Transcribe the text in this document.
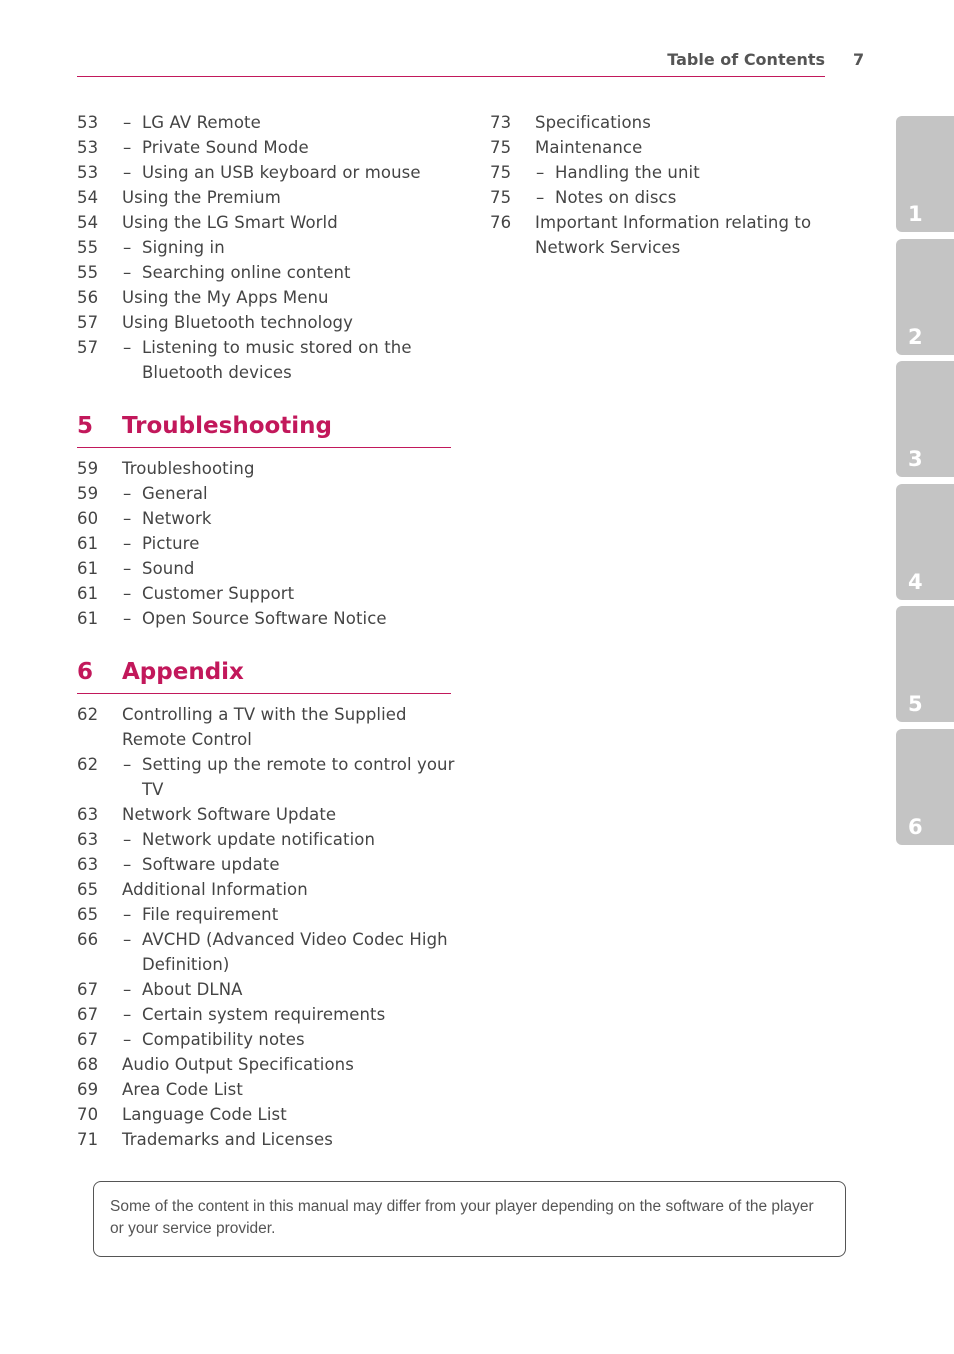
Table of Contents 7
53	– LG AV Remote
53	– Private Sound Mode
53	– Using an USB keyboard or mouse
54	Using the Premium
54	Using the LG Smart World
55	– Signing in
55	– Searching online content
56	Using the My Apps Menu
57	Using Bluetooth technology
57	– Listening to music stored on the Bluetooth devices
5 Troubleshooting
59	Troubleshooting
59	– General
60	– Network
61	– Picture
61	– Sound
61	– Customer Support
61	– Open Source Software Notice
6 Appendix
62	Controlling a TV with the Supplied Remote Control
62	– Setting up the remote to control your TV
63	Network Software Update
63	– Network update notification
63	– Software update
65	Additional Information
65	– File requirement
66	– AVCHD (Advanced Video Codec High Definition)
67	– About DLNA
67	– Certain system requirements
67	– Compatibility notes
68	Audio Output Specifications
69	Area Code List
70	Language Code List
71	Trademarks and Licenses
73	Specifications
75	Maintenance
75	– Handling the unit
75	– Notes on discs
76	Important Information relating to Network Services
1
2
3
4
5
6
Some of the content in this manual may differ from your player depending on the software of the player or your service provider.
